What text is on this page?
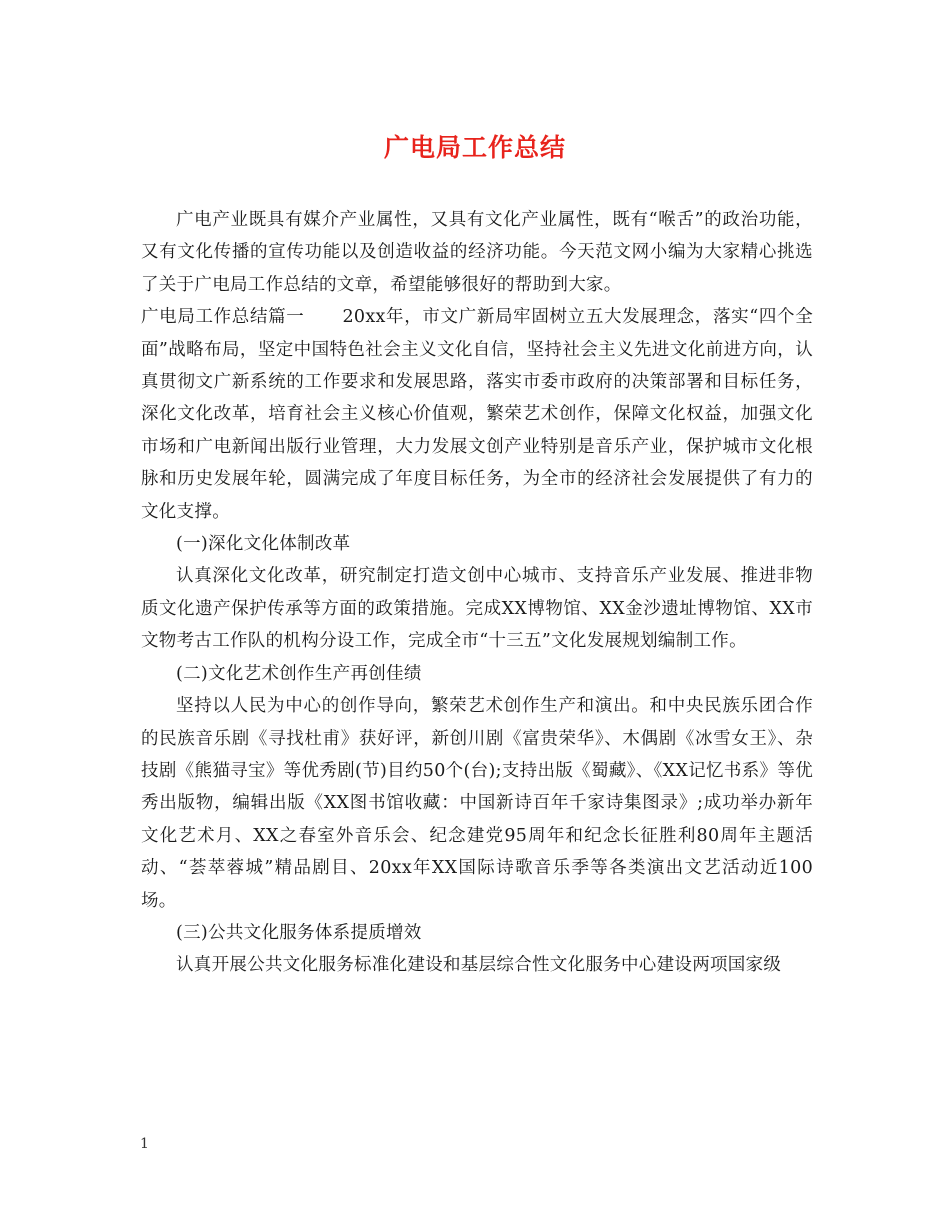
广电局工作总结

广电产业既具有媒介产业属性，又具有文化产业属性，既有“喉舌”的政治功能，又有文化传播的宣传功能以及创造收益的经济功能。今天范文网小编为大家精心挑选了关于广电局工作总结的文章，希望能够很好的帮助到大家。

广电局工作总结篇一 20xx年，市文广新局牢固树立五大发展理念，落实“四个全面”战略布局，坚定中国特色社会主义文化自信，坚持社会主义先进文化前进方向，认真贯彻文广新系统的工作要求和发展思路，落实市委市政府的决策部署和目标任务，深化文化改革，培育社会主义核心价值观，繁荣艺术创作，保障文化权益，加强文化市场和广电新闻出版行业管理，大力发展文创产业特别是音乐产业，保护城市文化根脉和历史发展年轮，圆满完成了年度目标任务，为全市的经济社会发展提供了有力的文化支撑。

(一)深化文化体制改革

认真深化文化改革，研究制定打造文创中心城市、支持音乐产业发展、推进非物质文化遗产保护传承等方面的政策措施。完成XX博物馆、XX金沙遗址博物馆、XX市文物考古工作队的机构分设工作，完成全市“十三五”文化发展规划编制工作。

(二)文化艺术创作生产再创佳绩

坚持以人民为中心的创作导向，繁荣艺术创作生产和演出。和中央民族乐团合作的民族音乐剧《寻找杜甫》获好评，新创川剧《富贵荣华》、木偶剧《冰雪女王》、杂技剧《熊猫寻宝》等优秀剧(节)目约50个(台);支持出版《蜀藏》、《XX记忆书系》等优秀出版物，编辑出版《XX图书馆收藏：中国新诗百年千家诗集图录》;成功举办新年文化艺术月、XX之春室外音乐会、纪念建党95周年和纪念长征胜利80周年主题活动、“荟萃蓉城”精品剧目、20xx年XX国际诗歌音乐季等各类演出文艺活动近100场。

(三)公共文化服务体系提质增效

认真开展公共文化服务标准化建设和基层综合性文化服务中心建设两项国家级

1
